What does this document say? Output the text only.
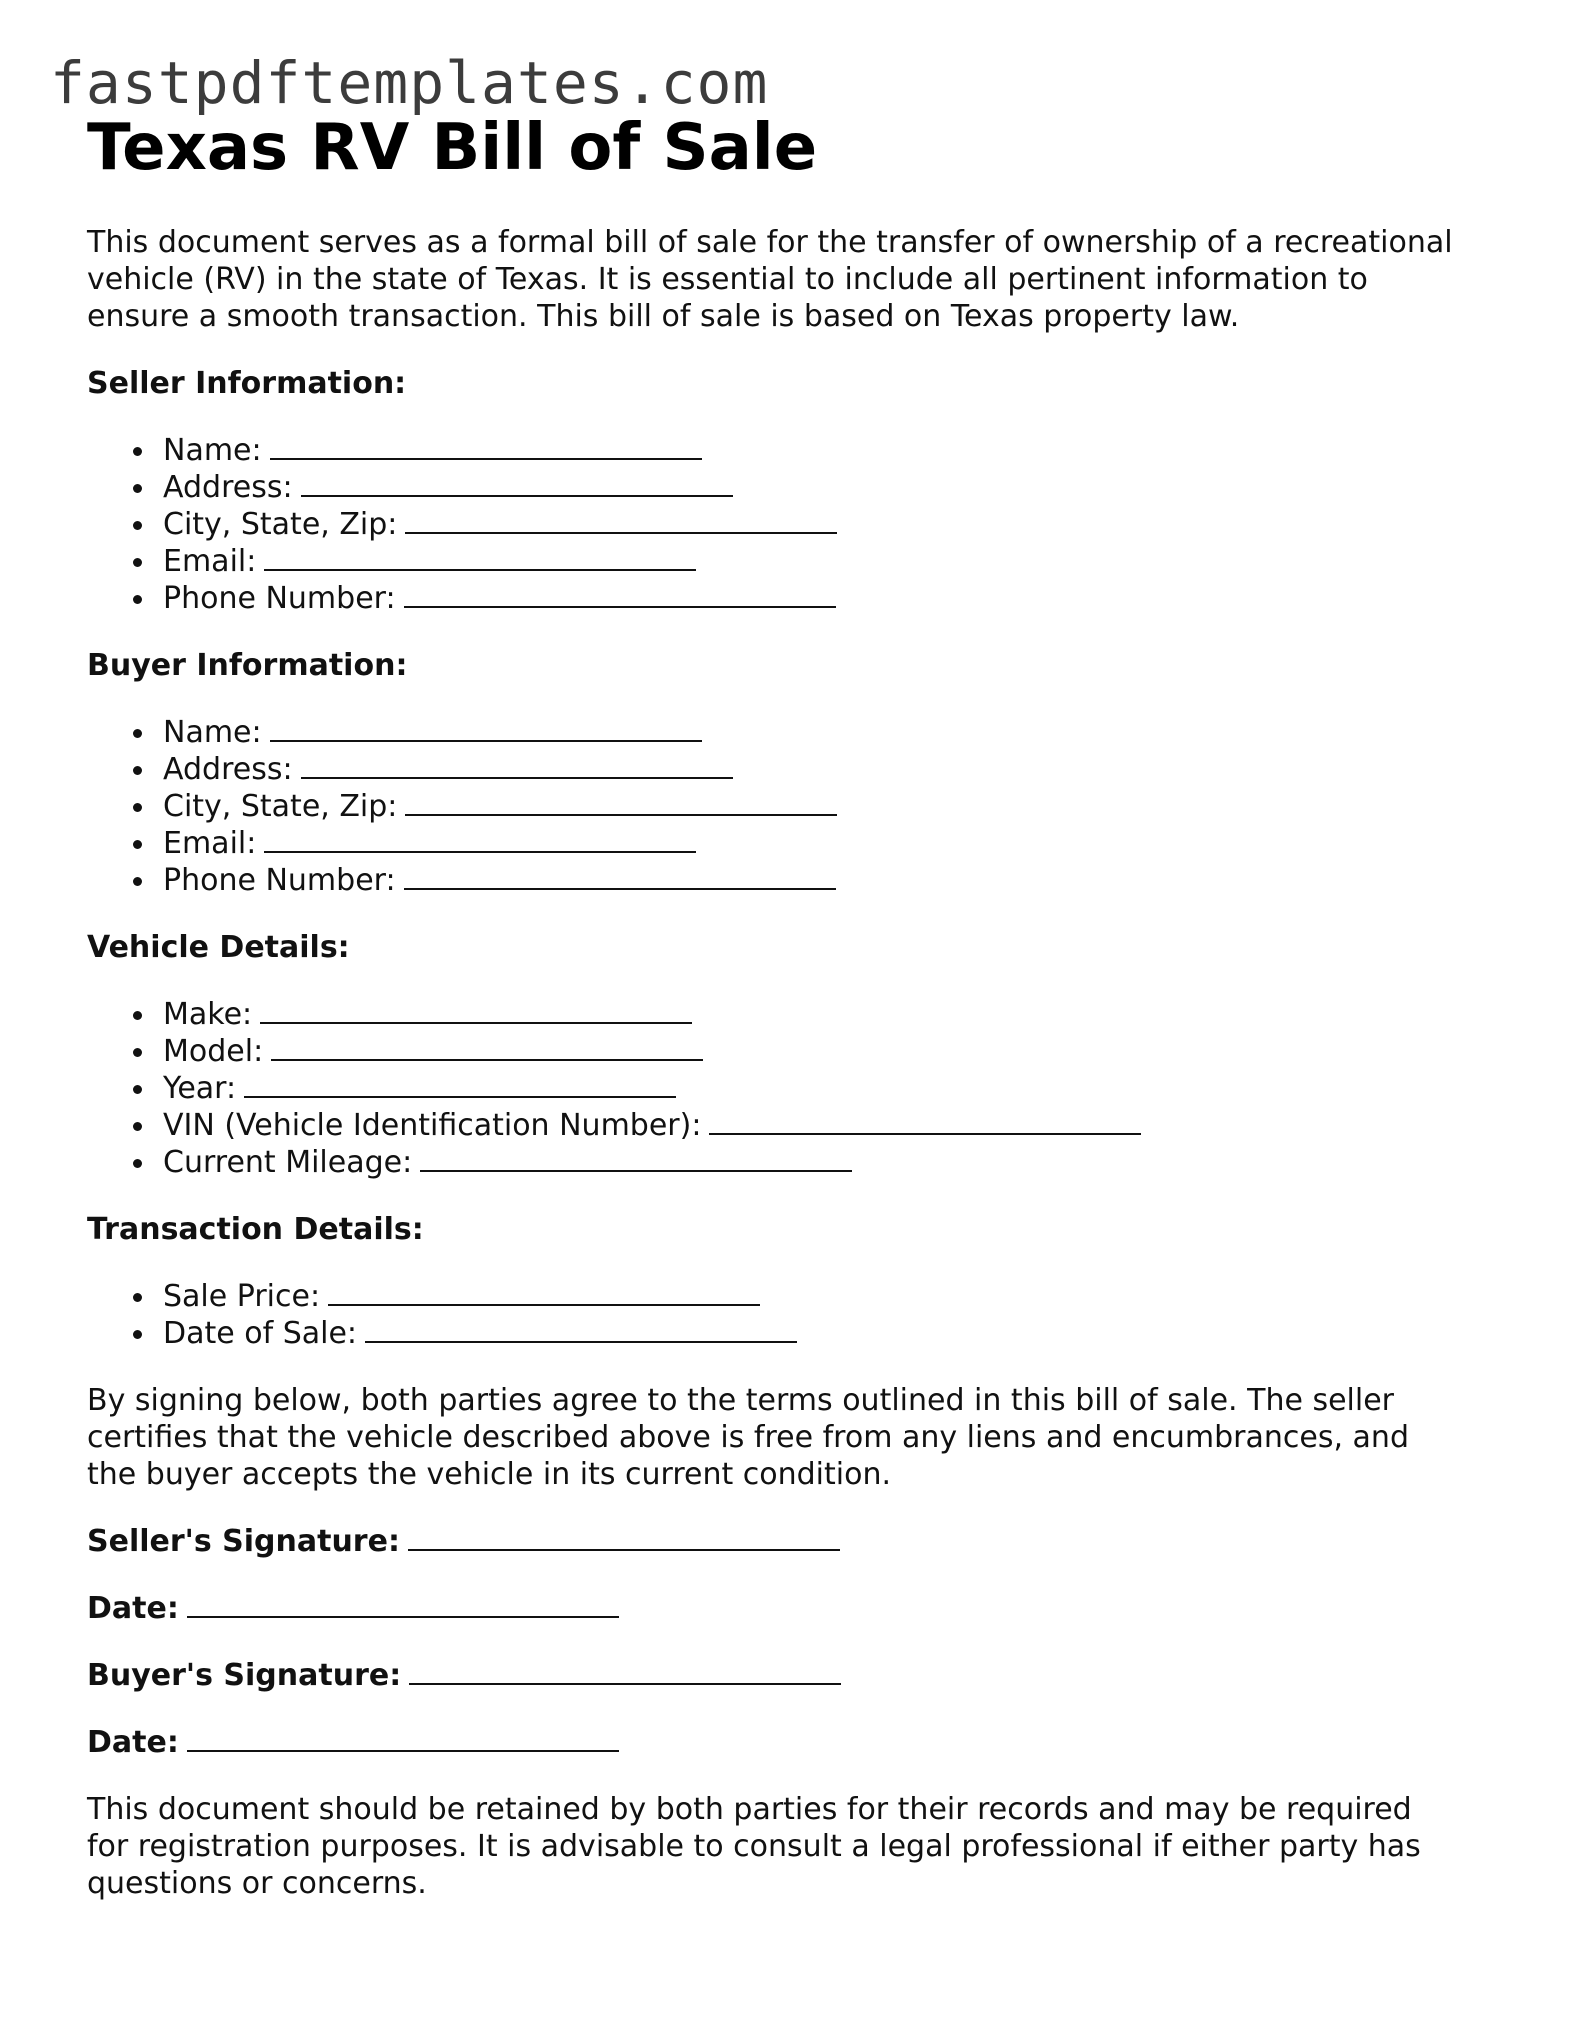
fastpdftemplates.com
Texas RV Bill of Sale

This document serves as a formal bill of sale for the transfer of ownership of a recreational vehicle (RV) in the state of Texas. It is essential to include all pertinent information to ensure a smooth transaction. This bill of sale is based on Texas property law.

Seller Information:
Name:
Address:
City, State, Zip:
Email:
Phone Number:
Buyer Information:
Name:
Address:
City, State, Zip:
Email:
Phone Number:
Vehicle Details:
Make:
Model:
Year:
VIN (Vehicle Identification Number):
Current Mileage:
Transaction Details:
Sale Price:
Date of Sale:

By signing below, both parties agree to the terms outlined in this bill of sale. The seller certifies that the vehicle described above is free from any liens and encumbrances, and the buyer accepts the vehicle in its current condition.

Seller's Signature:
Date:
Buyer's Signature:
Date:

This document should be retained by both parties for their records and may be required for registration purposes. It is advisable to consult a legal professional if either party has questions or concerns.
